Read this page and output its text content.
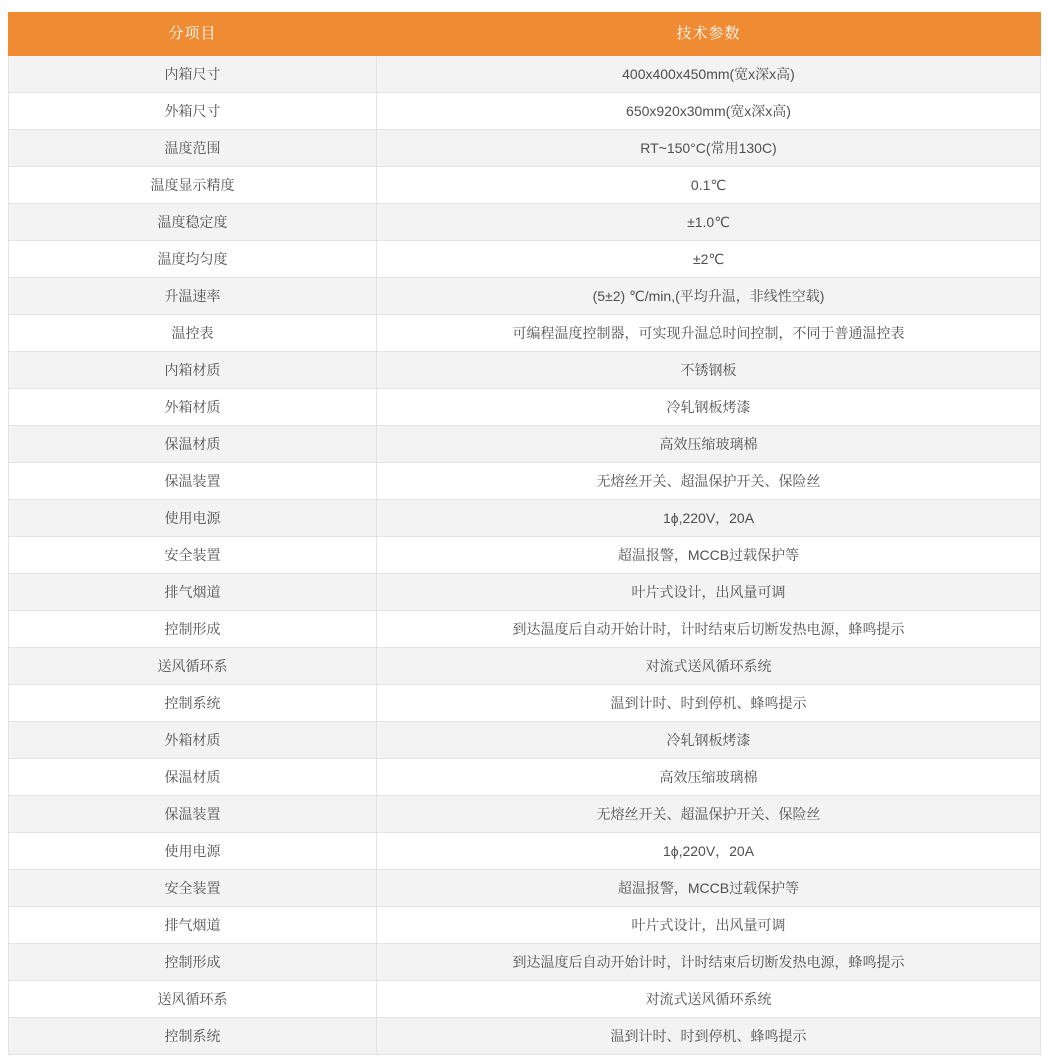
分项目	技术参数
内箱尺寸	400x400x450mm(宽x深x高)
外箱尺寸	650x920x30mm(宽x深x高)
温度范围	RT~150°C(常用130C)
温度显示精度	0.1℃
温度稳定度	±1.0℃
温度均匀度	±2℃
升温速率	(5±2) ℃/min,(平均升温，非线性空载)
温控表	可编程温度控制器，可实现升温总时间控制，不同于普通温控表
内箱材质	不锈钢板
外箱材质	冷轧钢板烤漆
保温材质	高效压缩玻璃棉
保温装置	无熔丝开关、超温保护开关、保险丝
使用电源	1ϕ,220V，20A
安全装置	超温报警，MCCB过载保护等
排气烟道	叶片式设计，出风量可调
控制形成	到达温度后自动开始计时，计时结束后切断发热电源，蜂鸣提示
送风循环系	对流式送风循环系统
控制系统	温到计时、时到停机、蜂鸣提示
外箱材质	冷轧钢板烤漆
保温材质	高效压缩玻璃棉
保温装置	无熔丝开关、超温保护开关、保险丝
使用电源	1ϕ,220V，20A
安全装置	超温报警，MCCB过载保护等
排气烟道	叶片式设计，出风量可调
控制形成	到达温度后自动开始计时，计时结束后切断发热电源，蜂鸣提示
送风循环系	对流式送风循环系统
控制系统	温到计时、时到停机、蜂鸣提示
